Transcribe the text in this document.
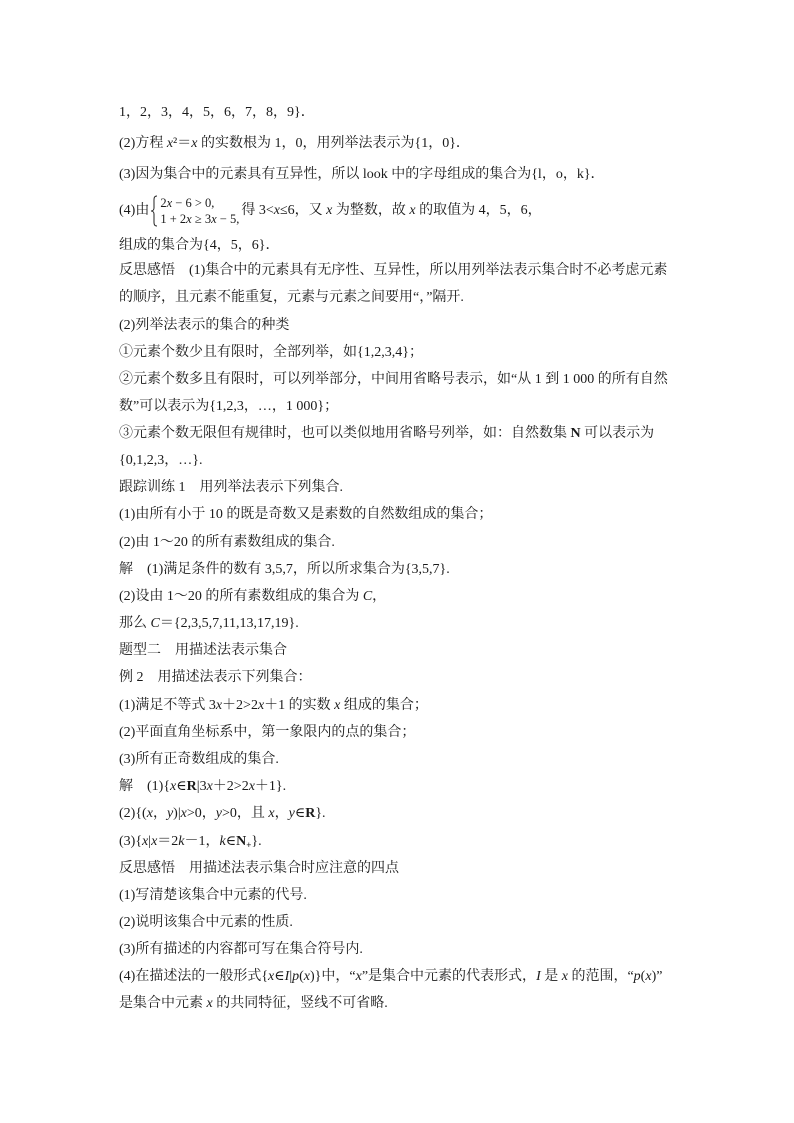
1，2，3，4，5，6，7，8，9}．
(2)方程 x²＝x 的实数根为 1，0，用列举法表示为{1，0}．
(3)因为集合中的元素具有互异性，所以 look 中的字母组成的集合为{l，o，k}．
(4)由 2x − 6 > 0,
1 + 2x ≥ 3x − 5,
得 3<x≤6，又 x 为整数，故 x 的取值为 4，5，6，
组成的集合为{4，5，6}．
反思感悟　(1)集合中的元素具有无序性、互异性，所以用列举法表示集合时不必考虑元素
的顺序，且元素不能重复，元素与元素之间要用“，”隔开.
(2)列举法表示的集合的种类
①元素个数少且有限时，全部列举，如{1,2,3,4}；
②元素个数多且有限时，可以列举部分，中间用省略号表示，如“从 1 到 1 000 的所有自然
数”可以表示为{1,2,3，…，1 000}；
③元素个数无限但有规律时，也可以类似地用省略号列举，如：自然数集 N 可以表示为
{0,1,2,3，…}.
跟踪训练 1　用列举法表示下列集合.
(1)由所有小于 10 的既是奇数又是素数的自然数组成的集合；
(2)由 1～20 的所有素数组成的集合.
解　(1)满足条件的数有 3,5,7，所以所求集合为{3,5,7}.
(2)设由 1～20 的所有素数组成的集合为 C，
那么 C＝{2,3,5,7,11,13,17,19}.
题型二　用描述法表示集合
例 2　用描述法表示下列集合：
(1)满足不等式 3x＋2>2x＋1 的实数 x 组成的集合；
(2)平面直角坐标系中，第一象限内的点的集合；
(3)所有正奇数组成的集合.
解　(1){x∈R|3x＋2>2x＋1}.
(2){(x，y)|x>0，y>0，且 x，y∈R}.
(3){x|x＝2k－1，$k\in N_+$}.
反思感悟　用描述法表示集合时应注意的四点
(1)写清楚该集合中元素的代号.
(2)说明该集合中元素的性质.
(3)所有描述的内容都可写在集合符号内.
(4)在描述法的一般形式{x∈I|p(x)}中，“x”是集合中元素的代表形式，I 是 x 的范围，“p(x)”
是集合中元素 x 的共同特征，竖线不可省略.
